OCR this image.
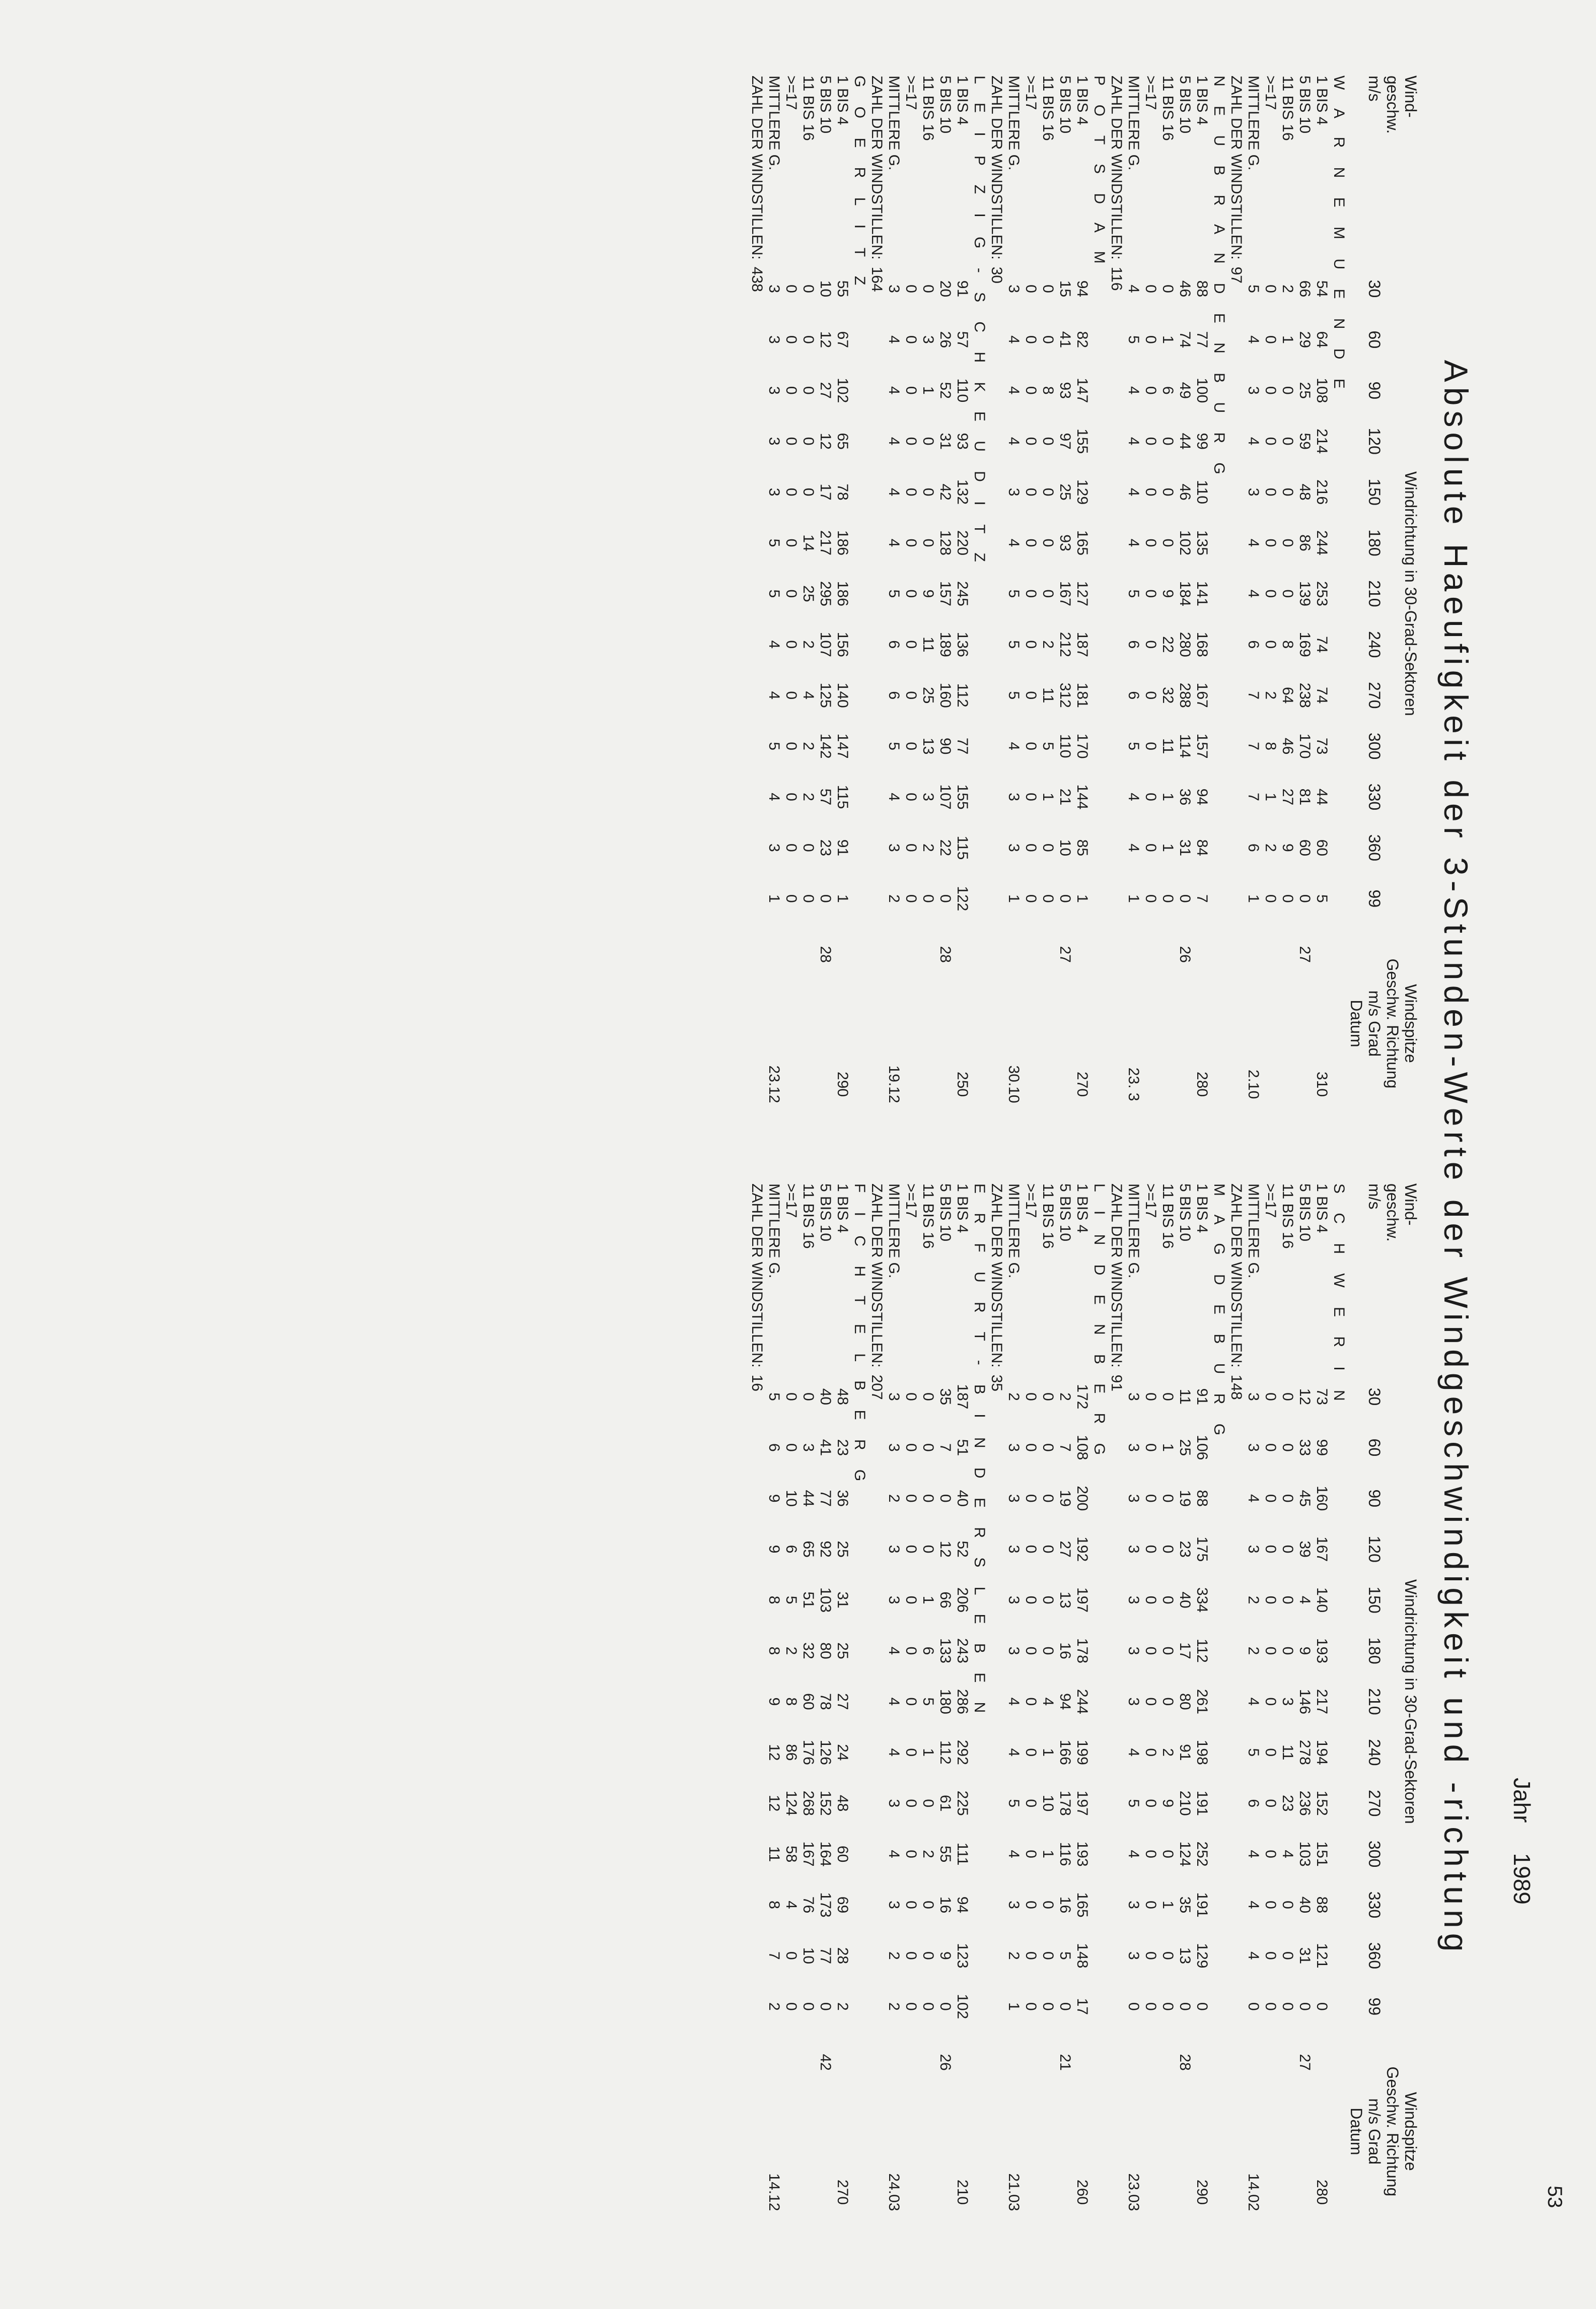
53
Jahr1989
Absolute Haeufigkeit der 3-Stunden-Werte der Windgeschwindigkeit und -richtung
Wind-	Windrichtung in 30-Grad-Sektoren													Windspitze		
geschw.														Geschw. Richtung		
m/s	30	60	90	120	150	180	210	240	270	300	330	360	99	m/s Grad		
														Datum		
W A R N E M U E N D E																
1 BIS 4	54	64	108	214	216	244	253	74	74	73	44	60	5			310
5 BIS 10	66	29	25	59	48	86	139	169	238	170	81	60	0	27		
11 BIS 16	2	1	0	0	0	0	0	8	64	46	27	9	0			
>=17	0	0	0	0	0	0	0	0	2	8	1	2	0			
MITTLERE G.	5	4	3	4	3	4	4	6	7	7	7	6	1			2.10
ZAHL DER WINDSTILLEN:97																
N E U B R A N D E N B U R G																
1 BIS 4	88	77	100	99	110	135	141	168	167	157	94	84	7			280
5 BIS 10	46	74	49	44	46	102	184	280	288	114	36	31	0	26		
11 BIS 16	0	1	6	0	0	0	9	22	32	11	1	1	0			
>=17	0	0	0	0	0	0	0	0	0	0	0	0	0			
MITTLERE G.	4	5	4	4	4	4	5	6	6	5	4	4	1			23. 3
ZAHL DER WINDSTILLEN:116																
P O T S D A M																
1 BIS 4	94	82	147	155	129	165	127	187	181	170	144	85	1			270
5 BIS 10	15	41	93	97	25	93	167	212	312	110	21	10	0	27		
11 BIS 16	0	0	8	0	0	0	0	2	11	5	1	0	0			
>=17	0	0	0	0	0	0	0	0	0	0	0	0	0			
MITTLERE G.	3	4	4	4	3	4	5	5	5	4	3	3	1			30.10
ZAHL DER WINDSTILLEN:30																
L E I P Z I G - S C H K E U D I T Z																
1 BIS 4	91	57	110	93	132	220	245	136	112	77	155	115	122			250
5 BIS 10	20	26	52	31	42	128	157	189	160	90	107	22	0	28		
11 BIS 16	0	3	1	0	0	0	9	11	25	13	3	2	0			
>=17	0	0	0	0	0	0	0	0	0	0	0	0	0			
MITTLERE G.	3	4	4	4	4	4	5	6	6	5	4	3	2			19.12
ZAHL DER WINDSTILLEN:164																
G O E R L I T Z																
1 BIS 4	55	67	102	65	78	186	186	156	140	147	115	91	1			290
5 BIS 10	10	12	27	12	17	217	295	107	125	142	57	23	0	28		
11 BIS 16	0	0	0	0	0	14	25	2	4	2	2	0	0			
>=17	0	0	0	0	0	0	0	0	0	0	0	0	0			
MITTLERE G.	3	3	3	3	3	5	5	4	4	5	4	3	1			23.12
ZAHL DER WINDSTILLEN:438																
Wind-	Windrichtung in 30-Grad-Sektoren													Windspitze		
geschw.														Geschw. Richtung		
m/s	30	60	90	120	150	180	210	240	270	300	330	360	99	m/s Grad		
														Datum		
S C H W E R I N																
1 BIS 4	73	99	160	167	140	193	217	194	152	151	88	121	0			280
5 BIS 10	12	33	45	39	4	9	146	278	236	103	40	31	0	27		
11 BIS 16	0	0	0	0	0	0	3	11	23	4	0	0	0			
>=17	0	0	0	0	0	0	0	0	0	0	0	0	0			
MITTLERE G.	3	3	4	3	2	2	4	5	6	4	4	4	0			14.02
ZAHL DER WINDSTILLEN:148																
M A G D E B U R G																
1 BIS 4	91	106	88	175	334	112	261	198	191	252	191	129	0			290
5 BIS 10	11	25	19	23	40	17	80	91	210	124	35	13	0	28		
11 BIS 16	0	1	0	0	0	0	0	2	9	0	1	0	0			
>=17	0	0	0	0	0	0	0	0	0	0	0	0	0			
MITTLERE G.	3	3	3	3	3	3	3	4	5	4	3	3	0			23.03
ZAHL DER WINDSTILLEN:91																
L I N D E N B E R G																
1 BIS 4	172	108	200	192	197	178	244	199	197	193	165	148	17			260
5 BIS 10	2	7	19	27	13	16	94	166	178	116	16	5	0	21		
11 BIS 16	0	0	0	0	0	0	4	1	10	1	0	0	0			
>=17	0	0	0	0	0	0	0	0	0	0	0	0	0			
MITTLERE G.	2	3	3	3	3	3	4	4	5	4	3	2	1			21.03
ZAHL DER WINDSTILLEN:35																
E R F U R T - B I N D E R S L E B E N																
1 BIS 4	187	51	40	52	206	243	286	292	225	111	94	123	102			210
5 BIS 10	35	7	0	12	66	133	180	112	61	55	16	9	0	26		
11 BIS 16	0	0	0	0	1	6	5	1	0	2	0	0	0			
>=17	0	0	0	0	0	0	0	0	0	0	0	0	0			
MITTLERE G.	3	3	2	3	3	4	4	4	3	4	3	2	2			24.03
ZAHL DER WINDSTILLEN:207																
F I C H T E L B E R G																
1 BIS 4	48	23	36	25	31	25	27	24	48	60	69	28	2			270
5 BIS 10	40	41	77	92	103	80	78	126	152	164	173	77	0	42		
11 BIS 16	0	3	44	65	51	32	60	176	268	167	76	10	0			
>=17	0	0	10	6	5	2	8	86	124	58	4	0	0			
MITTLERE G.	5	6	9	9	8	8	9	12	12	11	8	7	2			14.12
ZAHL DER WINDSTILLEN:16																
